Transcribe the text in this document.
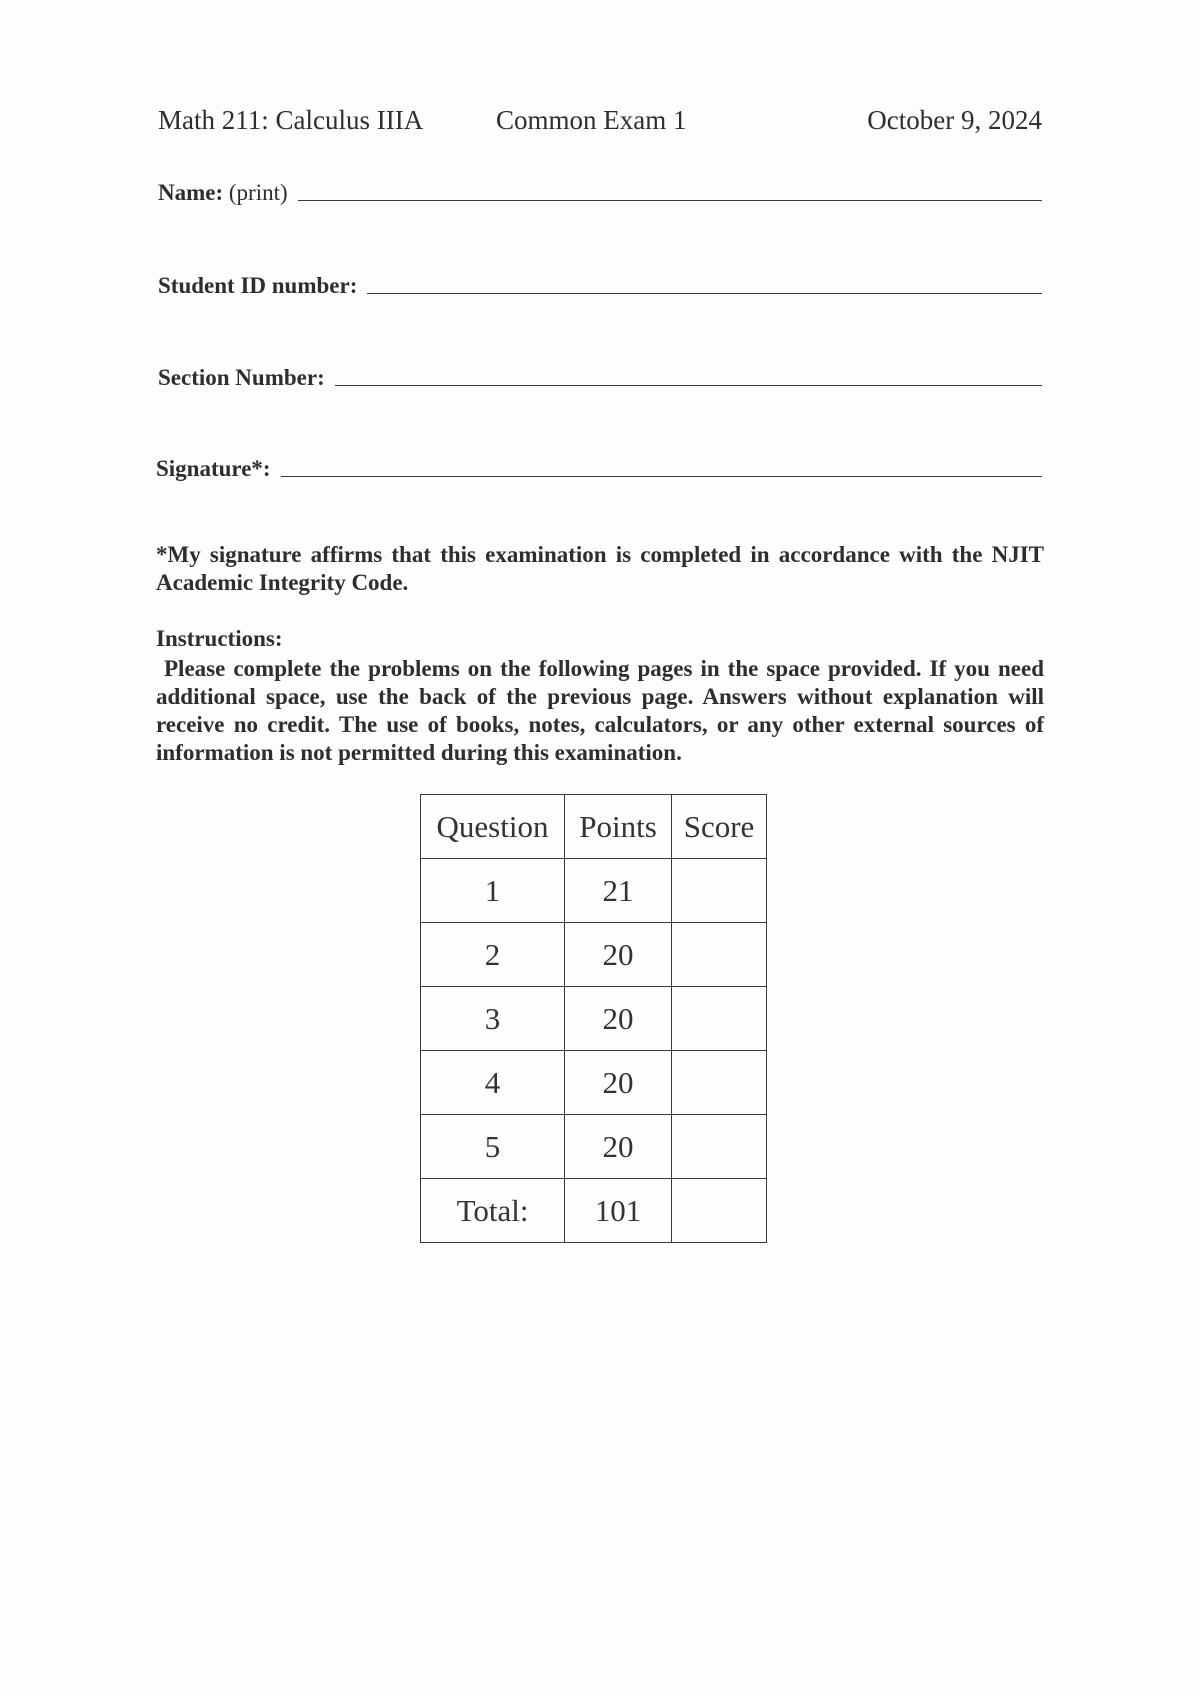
Math 211: Calculus IIIA	Common Exam 1	October 9, 2024
Name: (print)
Student ID number:
Section Number:
Signature*:
*My signature affirms that this examination is completed in accordance with the NJIT Academic Integrity Code.
Instructions:
Please complete the problems on the following pages in the space provided. If you need additional space, use the back of the previous page. Answers without explanation will receive no credit. The use of books, notes, calculators, or any other external sources of information is not permitted during this examination.
Question	Points	Score
1	21	
2	20	
3	20	
4	20	
5	20	
Total:	101	
